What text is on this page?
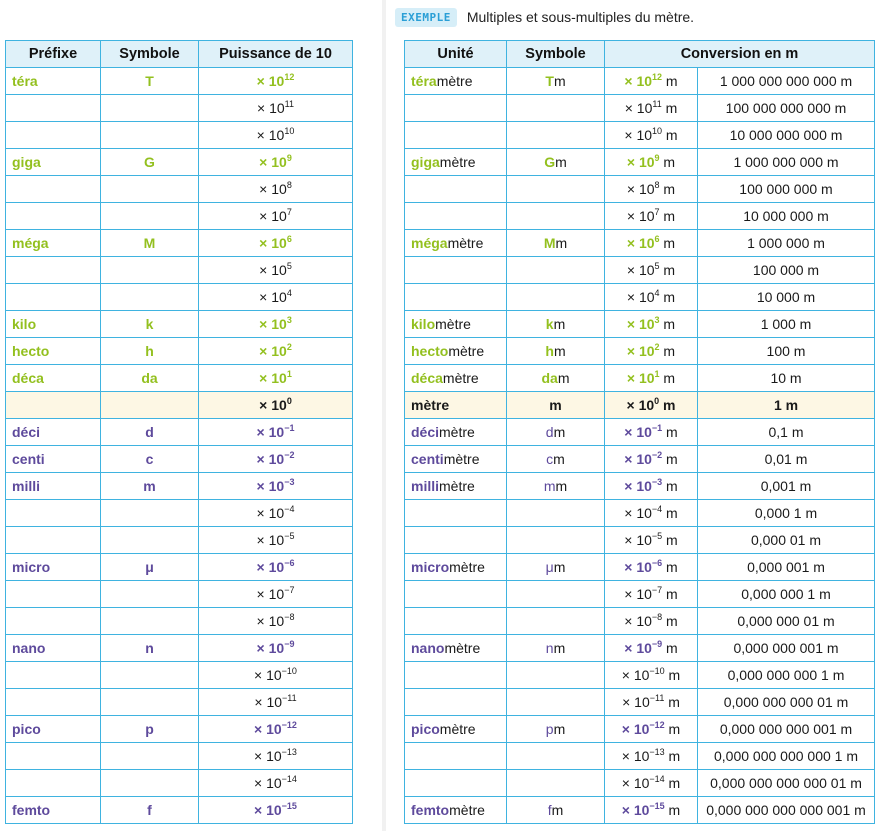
EXEMPLE	Multiples et sous-multiples du mètre.
Préfixe	Symbole	Puissance de 10
téra	T	× $10^{12}$
		× $10^{11}$
		× $10^{10}$
giga	G	× $10^9$
		× $10^8$
		× $10^7$
méga	M	× $10^6$
		× $10^5$
		× $10^4$
kilo	k	× $10^3$
hecto	h	× $10^2$
déca	da	× $10^1$
		× $10^0$
déci	d	× $10^{-1}$
centi	c	× $10^{-2}$
milli	m	× $10^{-3}$
		× $10^{-4}$
		× $10^{-5}$
micro	μ	× $10^{-6}$
		× $10^{-7}$
		× $10^{-8}$
nano	n	× $10^{-9}$
		× $10^{-10}$
		× $10^{-11}$
pico	p	× $10^{-12}$
		× $10^{-13}$
		× $10^{-14}$
femto	f	× $10^{-15}$
Unité	Symbole	Conversion en m	
téramètre	Tm	× $10^{12}$ m	1 000 000 000 000 m
		× $10^{11}$ m	100 000 000 000 m
		× $10^{10}$ m	10 000 000 000 m
gigamètre	Gm	× $10^9$ m	1 000 000 000 m
		× $10^8$ m	100 000 000 m
		× $10^7$ m	10 000 000 m
mégamètre	Mm	× $10^6$ m	1 000 000 m
		× $10^5$ m	100 000 m
		× $10^4$ m	10 000 m
kilomètre	km	× $10^3$ m	1 000 m
hectomètre	hm	× $10^2$ m	100 m
décamètre	dam	× $10^1$ m	10 m
mètre	m	× $10^0$ m	1 m
décimètre	dm	× $10^{-1}$ m	0,1 m
centimètre	cm	× $10^{-2}$ m	0,01 m
millimètre	mm	× $10^{-3}$ m	0,001 m
		× $10^{-4}$ m	0,000 1 m
		× $10^{-5}$ m	0,000 01 m
micromètre	μm	× $10^{-6}$ m	0,000 001 m
		× $10^{-7}$ m	0,000 000 1 m
		× $10^{-8}$ m	0,000 000 01 m
nanomètre	nm	× $10^{-9}$ m	0,000 000 001 m
		× $10^{-10}$ m	0,000 000 000 1 m
		× $10^{-11}$ m	0,000 000 000 01 m
picomètre	pm	× $10^{-12}$ m	0,000 000 000 001 m
		× $10^{-13}$ m	0,000 000 000 000 1 m
		× $10^{-14}$ m	0,000 000 000 000 01 m
femtomètre	fm	× $10^{-15}$ m	0,000 000 000 000 001 m
